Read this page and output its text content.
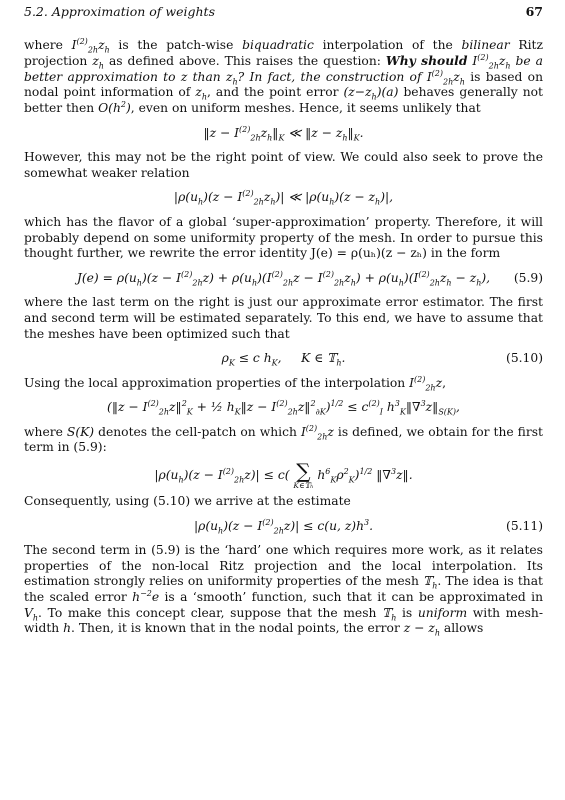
5.2. Approximation of weights	67

where $I^{(2)}_{2h}z_h$ is the patch-wise biquadratic interpolation of the bilinear Ritz projection $z_h$ as defined above. This raises the question: Why should $I^{(2)}_{2h}z_h$ be a better approximation to z than $z_h$? In fact, the construction of $I^{(2)}_{2h}z_h$ is based on nodal point information of $z_h$, and the point error $(z-z_h)(a)$ behaves generally not better then $O(h^2)$, even on uniform meshes. Hence, it seems unlikely that

‖z − $I^{(2)}_{2h}z_h‖_K$ ≪ ‖z − $z_h‖_K$.

However, this may not be the right point of view. We could also seek to prove the somewhat weaker relation

$|\rho(u_h)(z - I^{(2)}_{2h}z_h)|$ ≪ $|\rho(u_h)(z - z_h)|$,

which has the flavor of a global ‘super-approximation’ property. Therefore, it will probably depend on some uniformity property of the mesh. In order to pursue this thought further, we rewrite the error identity J(e) = ρ(uₕ)(z − zₕ) in the form

$J(e) = \rho(u_h)(z - I^{(2)}_{2h}z) + \rho(u_h)(I^{(2)}_{2h}z - I^{(2)}_{2h}z_h) + \rho(u_h)(I^{(2)}_{2h}z_h - z_h)$, (5.9)

where the last term on the right is just our approximate error estimator. The first and second term will be estimated separately. To this end, we have to assume that the meshes have been optimized such that

$\rho_K \le c$ $h_K$,     K ∈ 𝕋$_h$.	(5.10)

Using the local approximation properties of the interpolation $I^{(2)}_{2h}z$,

(‖z − $I^{(2)}_{2h}z‖^2_K$ + ½ $h_K‖z$ − $I^{(2)}_{2h}z‖^2_{\partial K})^{1/2} \le c^{(2)}_I$ $h^3_K‖\nabla^3z‖_{S(K)}$,

where S(K) denotes the cell-patch on which $I^{(2)}_{2h}z$ is defined, we obtain for the first term in (5.9):

$|\rho(u_h)(z - I^{(2)}_{2h}z)| \le c$( ∑
K∈𝕋ₕ
$h^6_K\rho^2_K)^{1/2}$ ‖∇$^3$z‖.

Consequently, using (5.10) we arrive at the estimate

$|\rho(u_h)(z - I^{(2)}_{2h}z)| \le c(u$, $z)h^3$.	(5.11)

The second term in (5.9) is the ‘hard’ one which requires more work, as it relates properties of the non-local Ritz projection and the local interpolation. Its estimation strongly relies on uniformity properties of the mesh 𝕋$_h$. The idea is that the scaled error $h^{-2}e$ is a ‘smooth’ function, such that it can be approximated in $V_h$. To make this concept clear, suppose that the mesh 𝕋$_h$ is uniform with mesh-width h. Then, it is known that in the nodal points, the error $z - z_h$ allows
